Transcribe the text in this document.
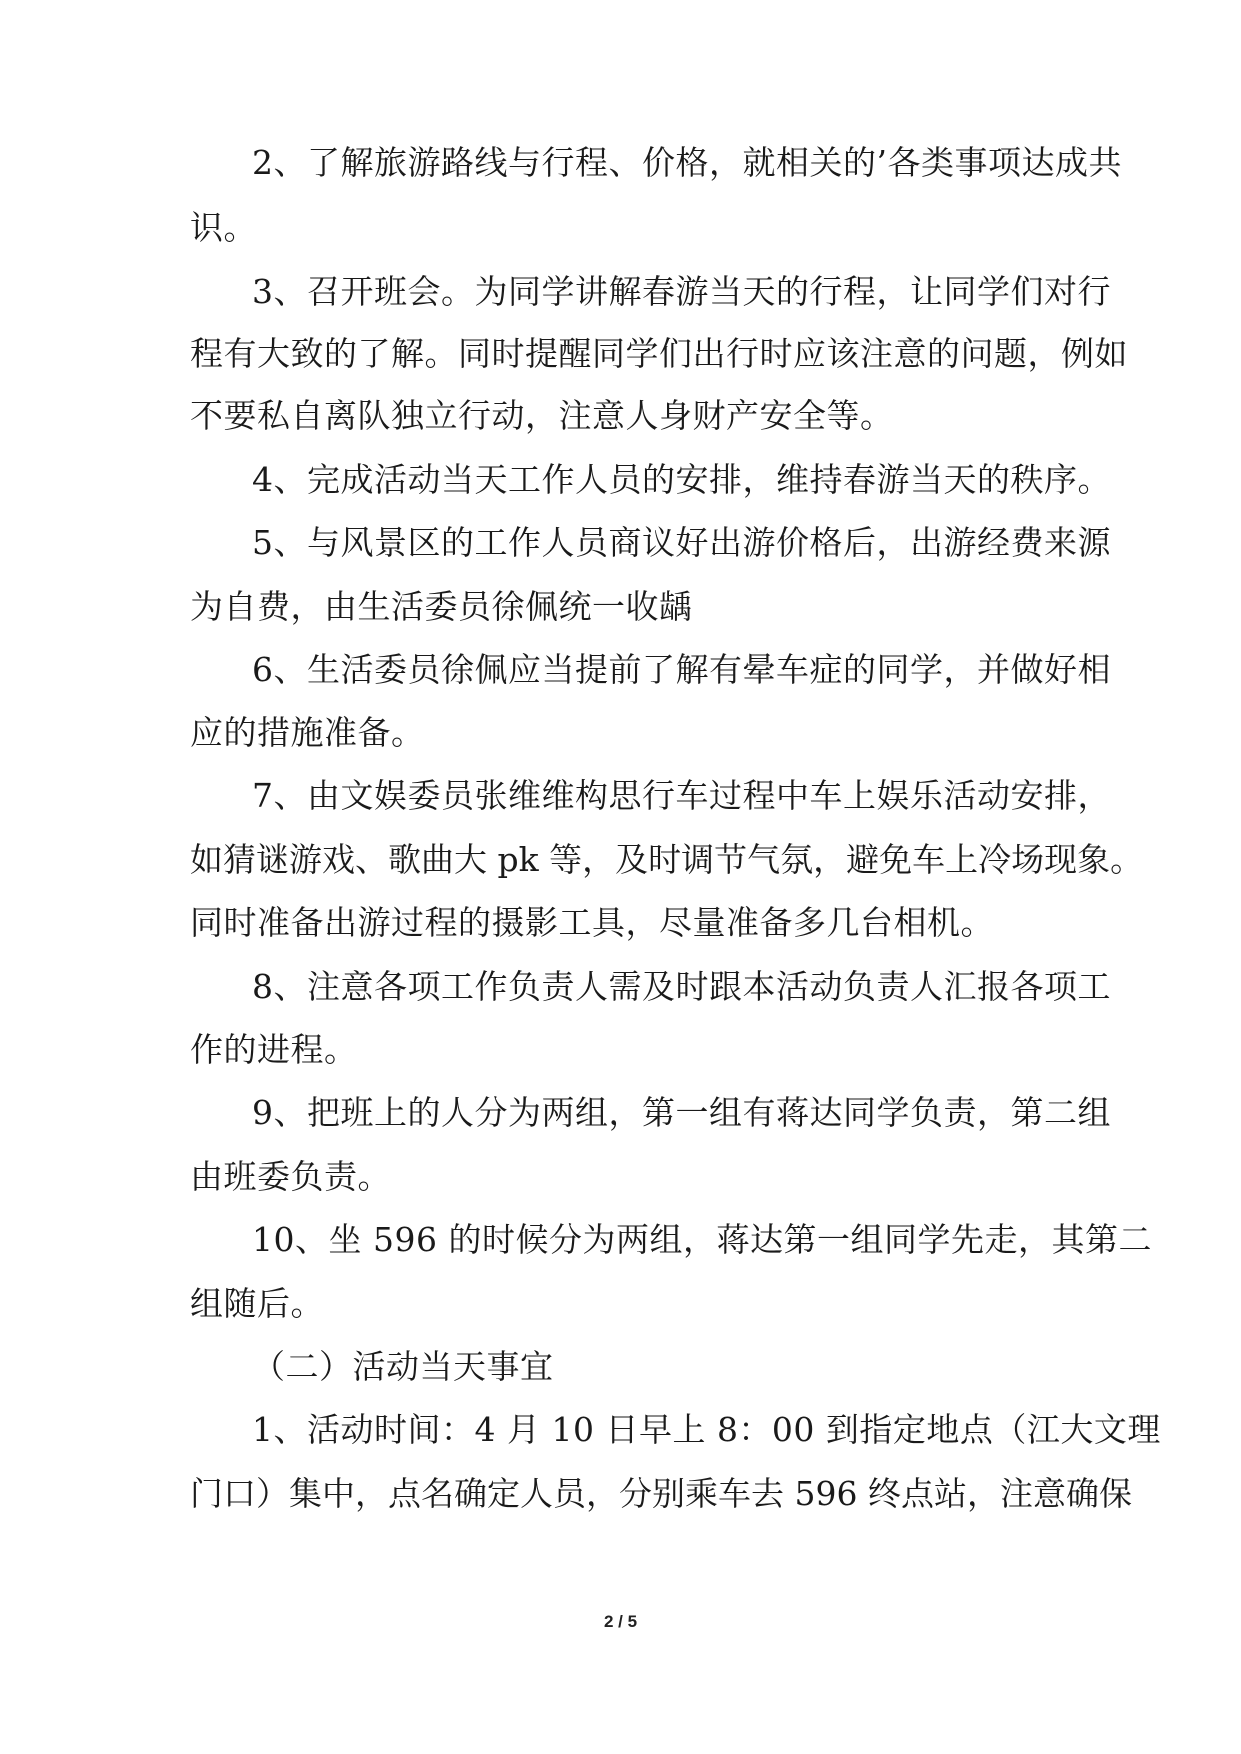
2、了解旅游路线与行程、价格，就相关的’各类事项达成共
识。
3、召开班会。为同学讲解春游当天的行程，让同学们对行
程有大致的了解。同时提醒同学们出行时应该注意的问题，例如
不要私自离队独立行动，注意人身财产安全等。
4、完成活动当天工作人员的安排，维持春游当天的秩序。
5、与风景区的工作人员商议好出游价格后，出游经费来源
为自费，由生活委员徐佩统一收龋
6、生活委员徐佩应当提前了解有晕车症的同学，并做好相
应的措施准备。
7、由文娱委员张维维构思行车过程中车上娱乐活动安排，
如猜谜游戏、歌曲大 pk 等，及时调节气氛，避免车上冷场现象。
同时准备出游过程的摄影工具，尽量准备多几台相机。
8、注意各项工作负责人需及时跟本活动负责人汇报各项工
作的进程。
9、把班上的人分为两组，第一组有蒋达同学负责，第二组
由班委负责。
10、坐 596 的时候分为两组，蒋达第一组同学先走，其第二
组随后。
（二）活动当天事宜
1、活动时间：4 月 10 日早上 8：00 到指定地点（江大文理
门口）集中，点名确定人员，分别乘车去 596 终点站，注意确保
2 / 5
